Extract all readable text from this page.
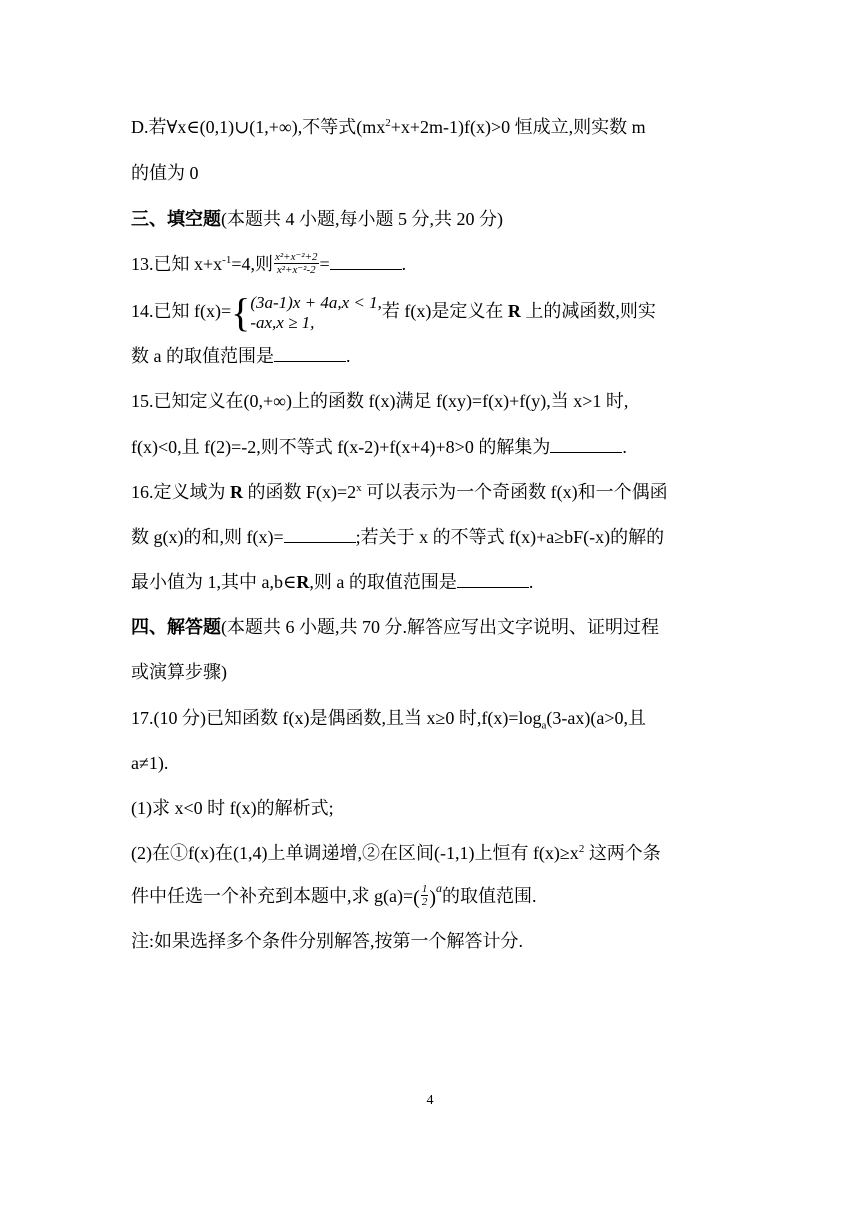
D.若∀x∈(0,1)∪(1,+∞),不等式$(mx^2+x+2m-1)f(x)>0$ 恒成立,则实数 m
的值为 0
三、填空题(本题共 4 小题,每小题 5 分,共 20 分)
13.已知 $x+x^{-1}=4$,则 $\frac{\text{x²+x⁻²+2}}{\text{x²+x⁻²-2}}$ =	.
14.已知 f(x)= { (3a-1)x + 4a,x < 1,
-ax,x ≥ 1,
若 f(x)是定义在 R 上的减函数,则实
数 a 的取值范围是	.
15.已知定义在(0,+∞)上的函数 f(x)满足 f(xy)=f(x)+f(y),当 x>1 时,
f(x)<0,且 f(2)=-2,则不等式 f(x-2)+f(x+4)+8>0 的解集为	.
16.定义域为 R 的函数 $F(x)=2^x$ 可以表示为一个奇函数 f(x)和一个偶函
数 g(x)的和,则 f(x)=	;若关于 x 的不等式 f(x)+a≥bF(-x)的解的
最小值为 1,其中 a,b∈R,则 a 的取值范围是	.
四、解答题(本题共 6 小题,共 70 分.解答应写出文字说明、证明过程
或演算步骤)
17.(10 分)已知函数 f(x)是偶函数,且当 x≥0 时$,f(x)=\log_a(3-ax)(a>0$,且
a≠1).
(1)求 x<0 时 f(x)的解析式;
(2)在①f(x)在(1,4)上单调递增,②在区间(-1,1)上恒有 $f(x)\ge x^2$ 这两个条
件中任选一个补充到本题中,求 $g(a)=( \frac{1}{2} )^a$的取值范围.
注:如果选择多个条件分别解答,按第一个解答计分.
4
